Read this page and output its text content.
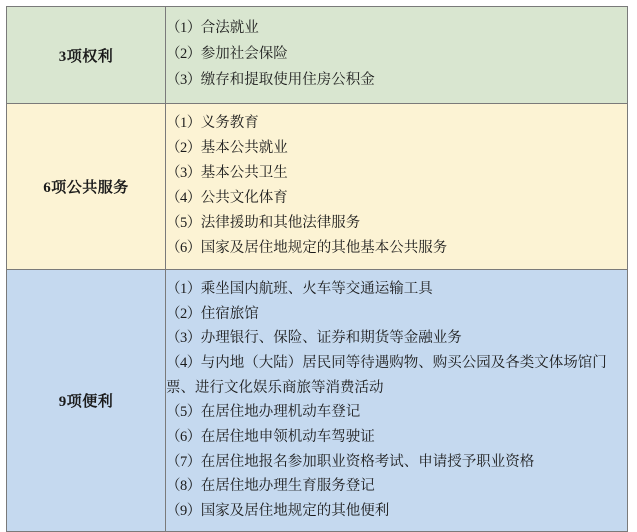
3项权利	
（1）合法就业
（2）参加社会保险
（3）缴存和提取使用住房公积金

6项公共服务	
（1）义务教育
（2）基本公共就业
（3）基本公共卫生
（4）公共文化体育
（5）法律援助和其他法律服务
（6）国家及居住地规定的其他基本公共服务

9项便利	
（1）乘坐国内航班、火车等交通运输工具
（2）住宿旅馆
（3）办理银行、保险、证券和期货等金融业务
（4）与内地（大陆）居民同等待遇购物、购买公园及各类文体场馆门票、进行文化娱乐商旅等消费活动
（5）在居住地办理机动车登记
（6）在居住地申领机动车驾驶证
（7）在居住地报名参加职业资格考试、申请授予职业资格
（8）在居住地办理生育服务登记
（9）国家及居住地规定的其他便利
